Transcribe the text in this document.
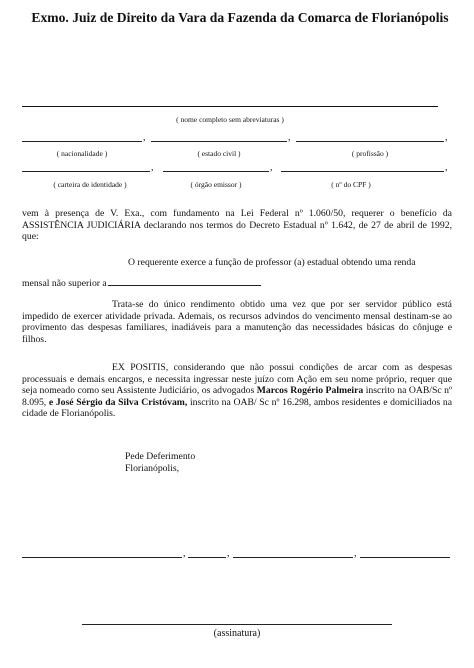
Exmo. Juiz de Direito da Vara da Fazenda da Comarca de Florianópolis
( nome completo sem abreviaturas )
,	,	,
( nacionalidade )	( estado civil )	( profissão )
,	,	,
( carteira de identidade )	( órgão emissor )	( nº do CPF )
vem à presença de V. Exa., com fundamento na Lei Federal nº 1.060/50, requerer o benefício da ASSISTÊNCIA JUDICIÁRIA declarando nos termos do Decreto Estadual nº 1.642, de 27 de abril de 1992, que:
O requerente exerce a função de professor (a) estadual obtendo uma renda
mensal não superior a
Trata-se do único rendimento obtido uma vez que por ser servidor público está impedido de exercer atividade privada. Ademais, os recursos advindos do vencimento mensal destinam-se ao provimento das despesas familiares, inadiáveis para a manutenção das necessidades básicas do cônjuge e filhos.
EX POSITIS, considerando que não possui condições de arcar com as despesas processuais e demais encargos, e necessita ingressar neste juízo com Ação em seu nome próprio, requer que seja nomeado como seu Assistente Judiciário, os advogados Marcos Rogério Palmeira inscrito na OAB/Sc nº 8.095, e José Sérgio da Silva Cristóvam, inscrito na OAB/ Sc nº 16.298, ambos residentes e domiciliados na cidade de Florianópolis.
Pede Deferimento
Florianópolis,
,	,	,
(assinatura)
